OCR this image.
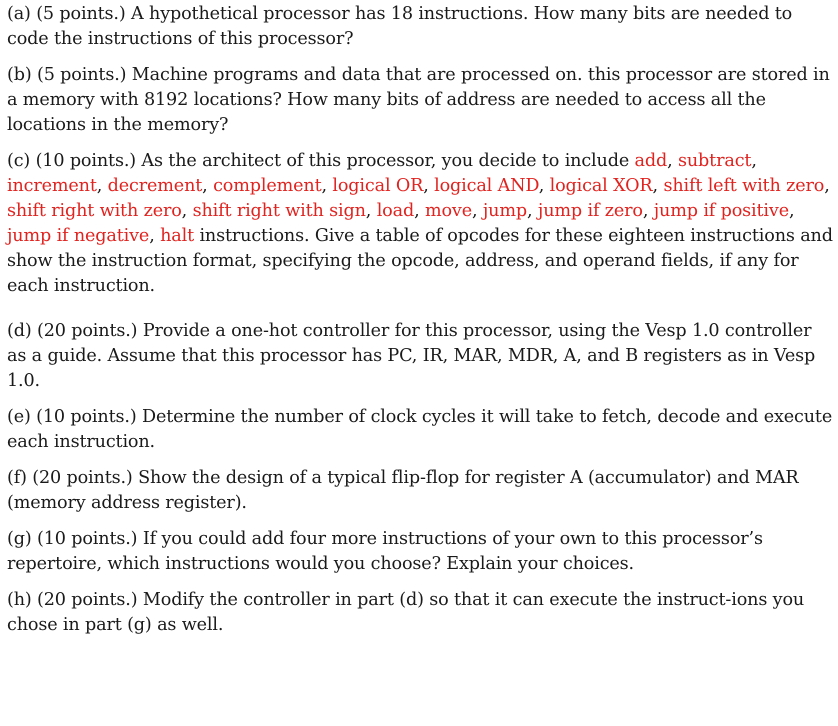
(a) (5 points.) A hypothetical processor has 18 instructions. How many bits are needed to code the instructions of this processor?

(b) (5 points.) Machine programs and data that are processed on. this processor are stored in a memory with 8192 locations? How many bits of address are needed to access all the locations in the memory?

(c) (10 points.) As the architect of this processor, you decide to include add, subtract, increment, decrement, complement, logical OR, logical AND, logical XOR, shift left with zero, shift right with zero, shift right with sign, load, move, jump, jump if zero, jump if positive, jump if negative, halt instructions. Give a table of opcodes for these eighteen instructions and show the instruction format, specifying the opcode, address, and operand fields, if any for each instruction.

(d) (20 points.) Provide a one-hot controller for this processor, using the Vesp 1.0 controller as a guide. Assume that this processor has PC, IR, MAR, MDR, A, and B registers as in Vesp 1.0.

(e) (10 points.) Determine the number of clock cycles it will take to fetch, decode and execute each instruction.

(f) (20 points.) Show the design of a typical flip-flop for register A (accumulator) and MAR (memory address register).

(g) (10 points.) If you could add four more instructions of your own to this processor’s repertoire, which instructions would you choose? Explain your choices.

(h) (20 points.) Modify the controller in part (d) so that it can execute the instruct-ions you chose in part (g) as well.
